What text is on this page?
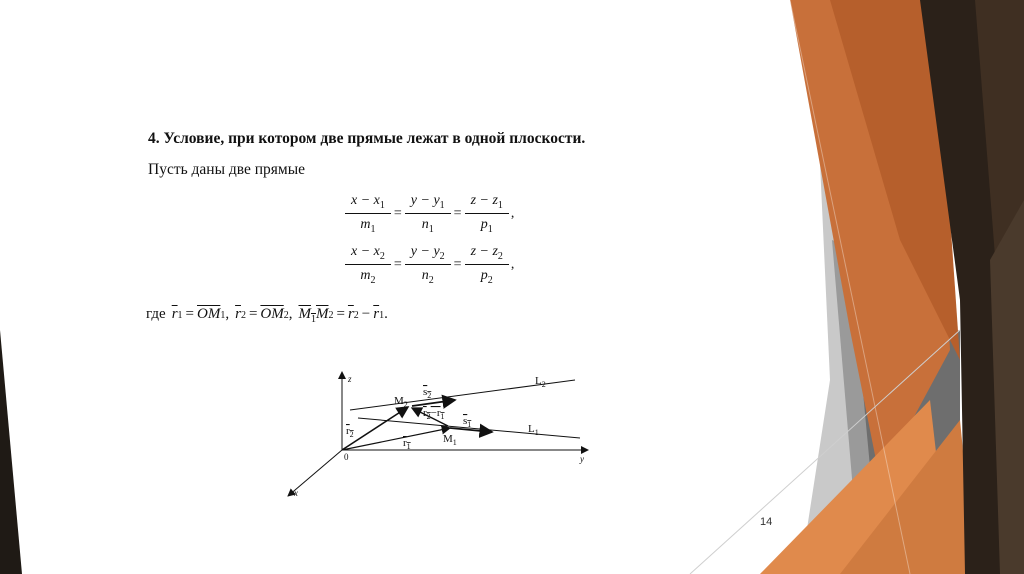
4. Условие, при котором две прямые лежат в одной плоскости.
Пусть даны две прямые
$\frac{x - x_1}{m_1} = \frac{y - y_1}{n_1} = \frac{z - z_1}{p_1}$ ,
$\frac{x - x_2}{m_2} = \frac{y - y_2}{n_2} = \frac{z - z_2}{p_2}$ ,
где $\overline{r}$ $1 = \overline{OM}$ 1 , $\overline{r}$ $2 = \overline{OM}$ 2 , $M_1M$ $2 = \overline{r}$ $2 - \overline{r}$ 1 .
z
y
x
0
$M_2$
$M_1$
$s_2$
$s_1$
$r_2$
$r_1$
$r_2-r_1$
$L_2$
$L_1$
14
